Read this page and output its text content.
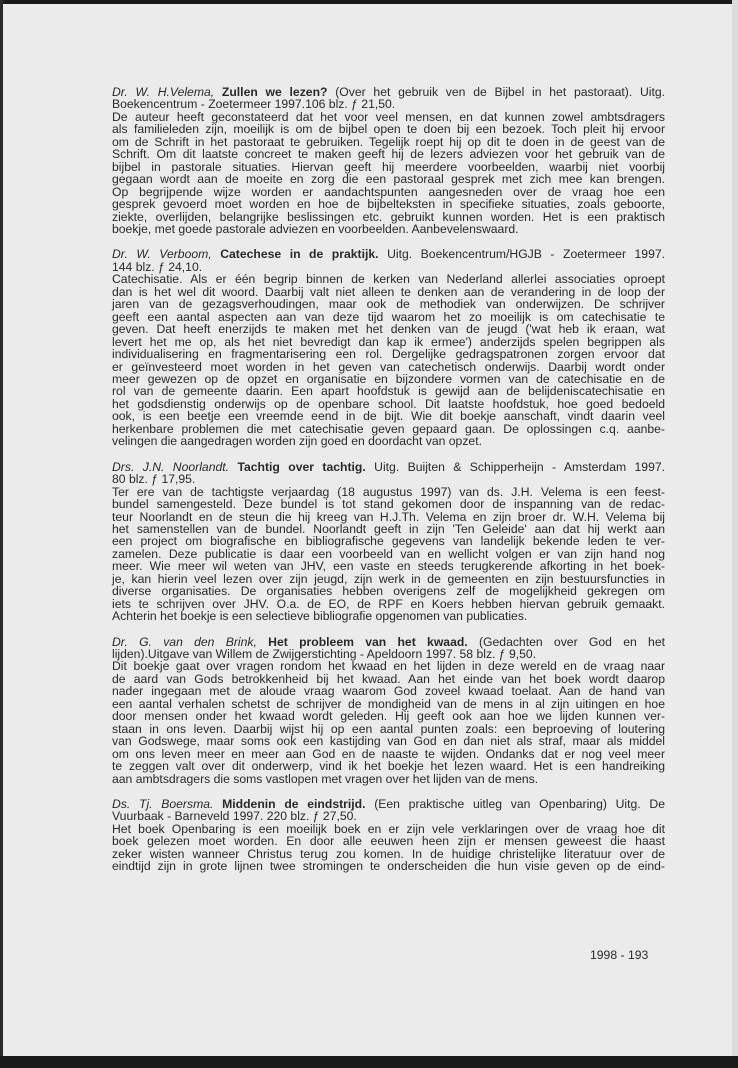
Dr. W. H.Velema, Zullen we lezen? (Over het gebruik ven de Bijbel in het pastoraat). Uitg.
Boekencentrum - Zoetermeer 1997.106 blz. ƒ 21,50.
De auteur heeft geconstateerd dat het voor veel mensen, en dat kunnen zowel ambtsdragers
als familieleden zijn, moeilijk is om de bijbel open te doen bij een bezoek. Toch pleit hij ervoor
om de Schrift in het pastoraat te gebruiken. Tegelijk roept hij op dit te doen in de geest van de
Schrift. Om dit laatste concreet te maken geeft hij de lezers adviezen voor het gebruik van de
bijbel in pastorale situaties. Hiervan geeft hij meerdere voorbeelden, waarbij niet voorbij
gegaan wordt aan de moeite en zorg die een pastoraal gesprek met zich mee kan brengen.
Op begrijpende wijze worden er aandachtspunten aangesneden over de vraag hoe een
gesprek gevoerd moet worden en hoe de bijbelteksten in specifieke situaties, zoals geboorte,
ziekte, overlijden, belangrijke beslissingen etc. gebruikt kunnen worden. Het is een praktisch
boekje, met goede pastorale adviezen en voorbeelden. Aanbevelenswaard.
Dr. W. Verboom, Catechese in de praktijk. Uitg. Boekencentrum/HGJB - Zoetermeer 1997.
144 blz. ƒ 24,10.
Catechisatie. Als er één begrip binnen de kerken van Nederland allerlei associaties oproept
dan is het wel dit woord. Daarbij valt niet alleen te denken aan de verandering in de loop der
jaren van de gezagsverhoudingen, maar ook de methodiek van onderwijzen. De schrijver
geeft een aantal aspecten aan van deze tijd waarom het zo moeilijk is om catechisatie te
geven. Dat heeft enerzijds te maken met het denken van de jeugd ('wat heb ik eraan, wat
levert het me op, als het niet bevredigt dan kap ik ermee') anderzijds spelen begrippen als
individualisering en fragmentarisering een rol. Dergelijke gedragspatronen zorgen ervoor dat
er geïnvesteerd moet worden in het geven van catechetisch onderwijs. Daarbij wordt onder
meer gewezen op de opzet en organisatie en bijzondere vormen van de catechisatie en de
rol van de gemeente daarin. Een apart hoofdstuk is gewijd aan de belijdeniscatechisatie en
het godsdienstig onderwijs op de openbare school. Dit laatste hoofdstuk, hoe goed bedoeld
ook, is een beetje een vreemde eend in de bijt. Wie dit boekje aanschaft, vindt daarin veel
herkenbare problemen die met catechisatie geven gepaard gaan. De oplossingen c.q. aanbe-
velingen die aangedragen worden zijn goed en doordacht van opzet.
Drs. J.N. Noorlandt. Tachtig over tachtig. Uitg. Buijten & Schipperheijn - Amsterdam 1997.
80 blz. ƒ 17,95.
Ter ere van de tachtigste verjaardag (18 augustus 1997) van ds. J.H. Velema is een feest-
bundel samengesteld. Deze bundel is tot stand gekomen door de inspanning van de redac-
teur Noorlandt en de steun die hij kreeg van H.J.Th. Velema en zijn broer dr. W.H. Velema bij
het samenstellen van de bundel. Noorlandt geeft in zijn 'Ten Geleide' aan dat hij werkt aan
een project om biografische en bibliografische gegevens van landelijk bekende leden te ver-
zamelen. Deze publicatie is daar een voorbeeld van en wellicht volgen er van zijn hand nog
meer. Wie meer wil weten van JHV, een vaste en steeds terugkerende afkorting in het boek-
je, kan hierin veel lezen over zijn jeugd, zijn werk in de gemeenten en zijn bestuursfuncties in
diverse organisaties. De organisaties hebben overigens zelf de mogelijkheid gekregen om
iets te schrijven over JHV. O.a. de EO, de RPF en Koers hebben hiervan gebruik gemaakt.
Achterin het boekje is een selectieve bibliografie opgenomen van publicaties.
Dr. G. van den Brink, Het probleem van het kwaad. (Gedachten over God en het
lijden).Uitgave van Willem de Zwijgerstichting - Apeldoorn 1997. 58 blz. ƒ 9,50.
Dit boekje gaat over vragen rondom het kwaad en het lijden in deze wereld en de vraag naar
de aard van Gods betrokkenheid bij het kwaad. Aan het einde van het boek wordt daarop
nader ingegaan met de aloude vraag waarom God zoveel kwaad toelaat. Aan de hand van
een aantal verhalen schetst de schrijver de mondigheid van de mens in al zijn uitingen en hoe
door mensen onder het kwaad wordt geleden. Hij geeft ook aan hoe we lijden kunnen ver-
staan in ons leven. Daarbij wijst hij op een aantal punten zoals: een beproeving of loutering
van Godswege, maar soms ook een kastijding van God en dan niet als straf, maar als middel
om ons leven meer en meer aan God en de naaste te wijden. Ondanks dat er nog veel meer
te zeggen valt over dit onderwerp, vind ik het boekje het lezen waard. Het is een handreiking
aan ambtsdragers die soms vastlopen met vragen over het lijden van de mens.
Ds. Tj. Boersma. Middenin de eindstrijd. (Een praktische uitleg van Openbaring) Uitg. De
Vuurbaak - Barneveld 1997. 220 blz. ƒ 27,50.
Het boek Openbaring is een moeilijk boek en er zijn vele verklaringen over de vraag hoe dit
boek gelezen moet worden. En door alle eeuwen heen zijn er mensen geweest die haast
zeker wisten wanneer Christus terug zou komen. In de huidige christelijke literatuur over de
eindtijd zijn in grote lijnen twee stromingen te onderscheiden die hun visie geven op de eind-
1998 - 193
